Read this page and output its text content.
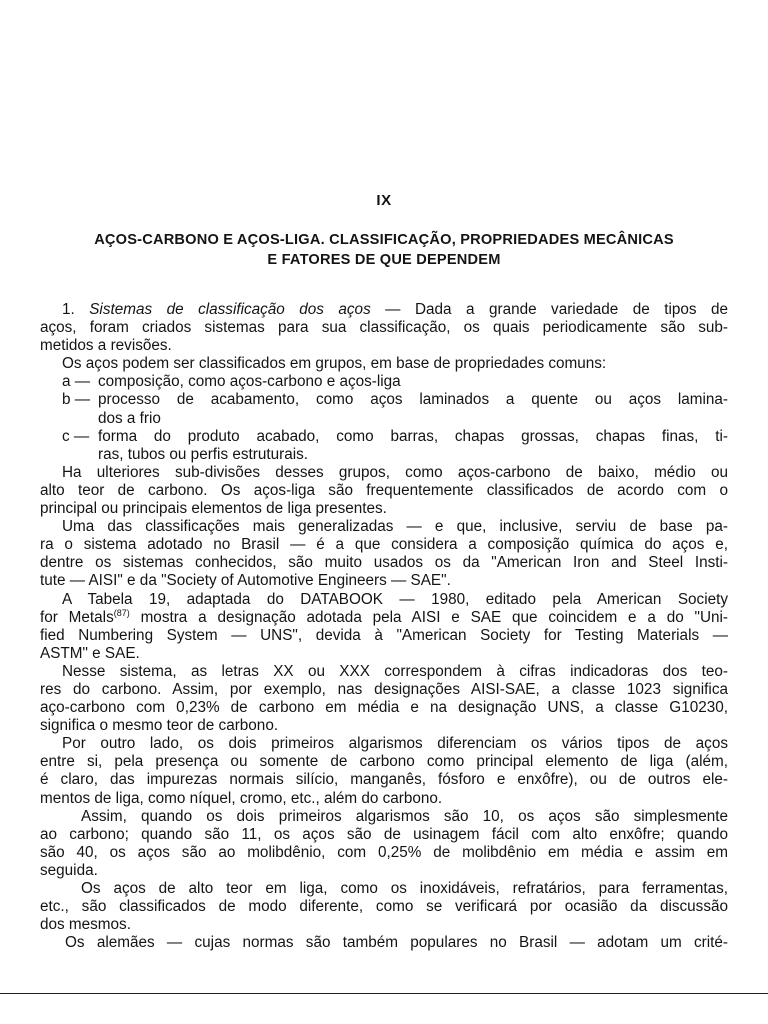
IX
AÇOS-CARBONO E AÇOS-LIGA. CLASSIFICAÇÃO, PROPRIEDADES MECÂNICAS
E FATORES DE QUE DEPENDEM
1. Sistemas de classificação dos aços — Dada a grande variedade de tipos de
aços, foram criados sistemas para sua classificação, os quais periodicamente são sub-
metidos a revisões.
Os aços podem ser classificados em grupos, em base de propriedades comuns:
a — composição, como aços-carbono e aços-liga
b — processo de acabamento, como aços laminados a quente ou aços lamina-
dos a frio
c — forma do produto acabado, como barras, chapas grossas, chapas finas, ti-
ras, tubos ou perfis estruturais.
Ha ulteriores sub-divisões desses grupos, como aços-carbono de baixo, médio ou
alto teor de carbono. Os aços-liga são frequentemente classificados de acordo com o
principal ou principais elementos de liga presentes.
Uma das classificações mais generalizadas — e que, inclusive, serviu de base pa-
ra o sistema adotado no Brasil — é a que considera a composição química do aços e,
dentre os sistemas conhecidos, são muito usados os da "American Iron and Steel Insti-
tute — AISI" e da "Society of Automotive Engineers — SAE".
A Tabela 19, adaptada do DATABOOK — 1980, editado pela American Society
for Metals$^{(87)}$ mostra a designação adotada pela AISI e SAE que coincidem e a do "Uni-
fied Numbering System — UNS", devida à "American Society for Testing Materials —
ASTM" e SAE.
Nesse sistema, as letras XX ou XXX correspondem à cifras indicadoras dos teo-
res do carbono. Assim, por exemplo, nas designações AISI-SAE, a classe 1023 significa
aço-carbono com 0,23% de carbono em média e na designação UNS, a classe G10230,
significa o mesmo teor de carbono.
Por outro lado, os dois primeiros algarismos diferenciam os vários tipos de aços
entre si, pela presença ou somente de carbono como principal elemento de liga (além,
é claro, das impurezas normais silício, manganês, fósforo e enxôfre), ou de outros ele-
mentos de liga, como níquel, cromo, etc., além do carbono.
Assim, quando os dois primeiros algarismos são 10, os aços são simplesmente
ao carbono; quando são 11, os aços são de usinagem fácil com alto enxôfre; quando
são 40, os aços são ao molibdênio, com 0,25% de molibdênio em média e assim em
seguida.
Os aços de alto teor em liga, como os inoxidáveis, refratários, para ferramentas,
etc., são classificados de modo diferente, como se verificará por ocasião da discussão
dos mesmos.
Os alemães — cujas normas são também populares no Brasil — adotam um crité-
